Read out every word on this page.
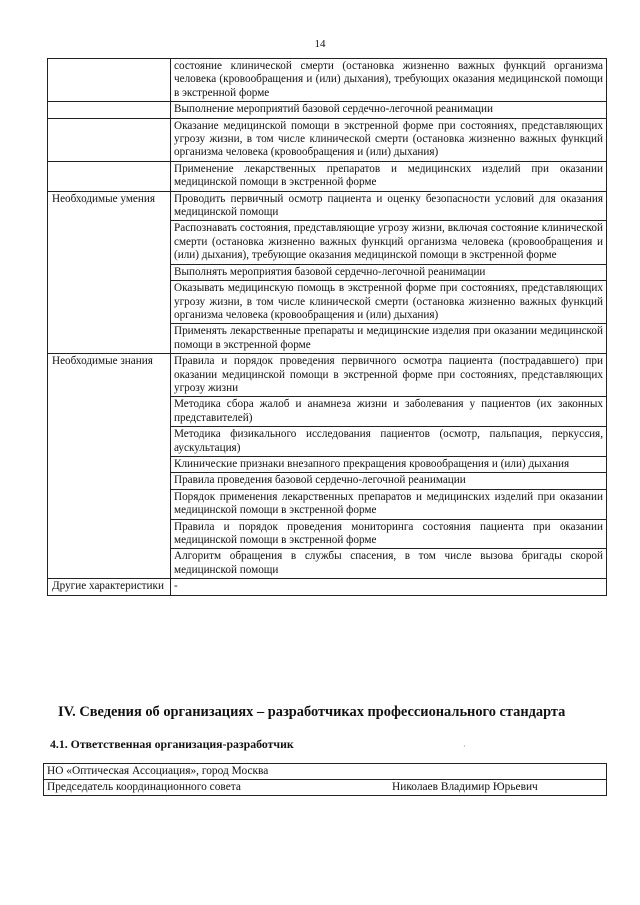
14
	состояние клинической смерти (остановка жизненно важных функций организма человека (кровообращения и (или) дыхания), требующих оказания медицинской помощи в экстренной форме
	Выполнение мероприятий базовой сердечно-легочной реанимации
	Оказание медицинской помощи в экстренной форме при состояниях, представляющих угрозу жизни, в том числе клинической смерти (остановка жизненно важных функций организма человека (кровообращения и (или) дыхания)
	Применение лекарственных препаратов и медицинских изделий при оказании медицинской помощи в экстренной форме
Необходимые умения	Проводить первичный осмотр пациента и оценку безопасности условий для оказания медицинской помощи
	Распознавать состояния, представляющие угрозу жизни, включая состояние клинической смерти (остановка жизненно важных функций организма человека (кровообращения и (или) дыхания), требующие оказания медицинской помощи в экстренной форме
	Выполнять мероприятия базовой сердечно-легочной реанимации
	Оказывать медицинскую помощь в экстренной форме при состояниях, представляющих угрозу жизни, в том числе клинической смерти (остановка жизненно важных функций организма человека (кровообращения и (или) дыхания)
	Применять лекарственные препараты и медицинские изделия при оказании медицинской помощи в экстренной форме
Необходимые знания	Правила и порядок проведения первичного осмотра пациента (пострадавшего) при оказании медицинской помощи в экстренной форме при состояниях, представляющих угрозу жизни
	Методика сбора жалоб и анамнеза жизни и заболевания у пациентов (их законных представителей)
	Методика физикального исследования пациентов (осмотр, пальпация, перкуссия, аускультация)
	Клинические признаки внезапного прекращения кровообращения и (или) дыхания
	Правила проведения базовой сердечно-легочной реанимации
	Порядок применения лекарственных препаратов и медицинских изделий при оказании медицинской помощи в экстренной форме
	Правила и порядок проведения мониторинга состояния пациента при оказании медицинской помощи в экстренной форме
	Алгоритм обращения в службы спасения, в том числе вызова бригады скорой медицинской помощи
Другие характеристики	-
IV. Сведения об организациях – разработчиках профессионального стандарта
4.1. Ответственная организация-разработчик	·
НО «Оптическая Ассоциация», город Москва
Председатель координационного совета	Николаев Владимир Юрьевич
